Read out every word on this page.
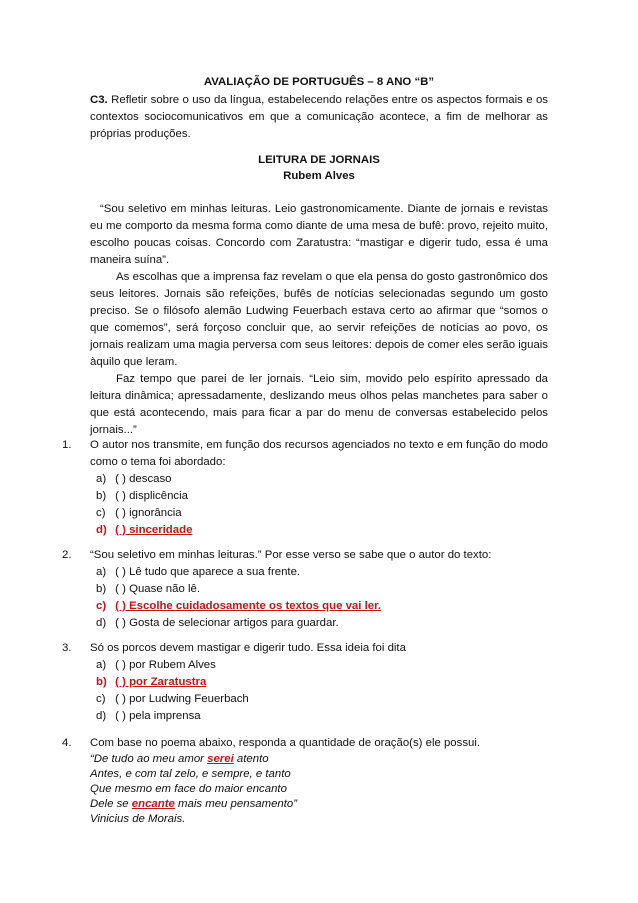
AVALIAÇÃO DE PORTUGUÊS – 8 ANO “B”
C3. Refletir sobre o uso da língua, estabelecendo relações entre os aspectos formais e os contextos sociocomunicativos em que a comunicação acontece, a fim de melhorar as próprias produções.
LEITURA DE JORNAIS
Rubem Alves

“Sou seletivo em minhas leituras. Leio gastronomicamente. Diante de jornais e revistas eu me comporto da mesma forma como diante de uma mesa de bufê: provo, rejeito muito, escolho poucas coisas. Concordo com Zaratustra: “mastigar e digerir tudo, essa é uma maneira suína”.

As escolhas que a imprensa faz revelam o que ela pensa do gosto gastronômico dos seus leitores. Jornais são refeições, bufês de notícias selecionadas segundo um gosto preciso. Se o filósofo alemão Ludwing Feuerbach estava certo ao afirmar que “somos o que comemos”, será forçoso concluir que, ao servir refeições de notícias ao povo, os jornais realizam uma magia perversa com seus leitores: depois de comer eles serão iguais àquilo que leram.

Faz tempo que parei de ler jornais. “Leio sim, movido pelo espírito apressado da leitura dinâmica; apressadamente, deslizando meus olhos pelas manchetes para saber o que está acontecendo, mais para ficar a par do menu de conversas estabelecido pelos jornais...”

1. O autor nos transmite, em função dos recursos agenciados no texto e em função do modo como o tema foi abordado:
a) ( ) descaso
b) ( ) displicência
c) ( ) ignorância
d) ( ) sinceridade
2. “Sou seletivo em minhas leituras.” Por esse verso se sabe que o autor do texto:
a) ( ) Lê tudo que aparece a sua frente.
b) ( ) Quase não lê.
c) ( ) Escolhe cuidadosamente os textos que vai ler.
d) ( ) Gosta de selecionar artigos para guardar.
3. Só os porcos devem mastigar e digerir tudo. Essa ideia foi dita
a) ( ) por Rubem Alves
b) ( ) por Zaratustra
c) ( ) por Ludwing Feuerbach
d) ( ) pela imprensa
4. Com base no poema abaixo, responda a quantidade de oração(s) ele possui.
“De tudo ao meu amor serei atento
Antes, e com tal zelo, e sempre, e tanto
Que mesmo em face do maior encanto
Dele se encante mais meu pensamento”
Vinicius de Morais.
